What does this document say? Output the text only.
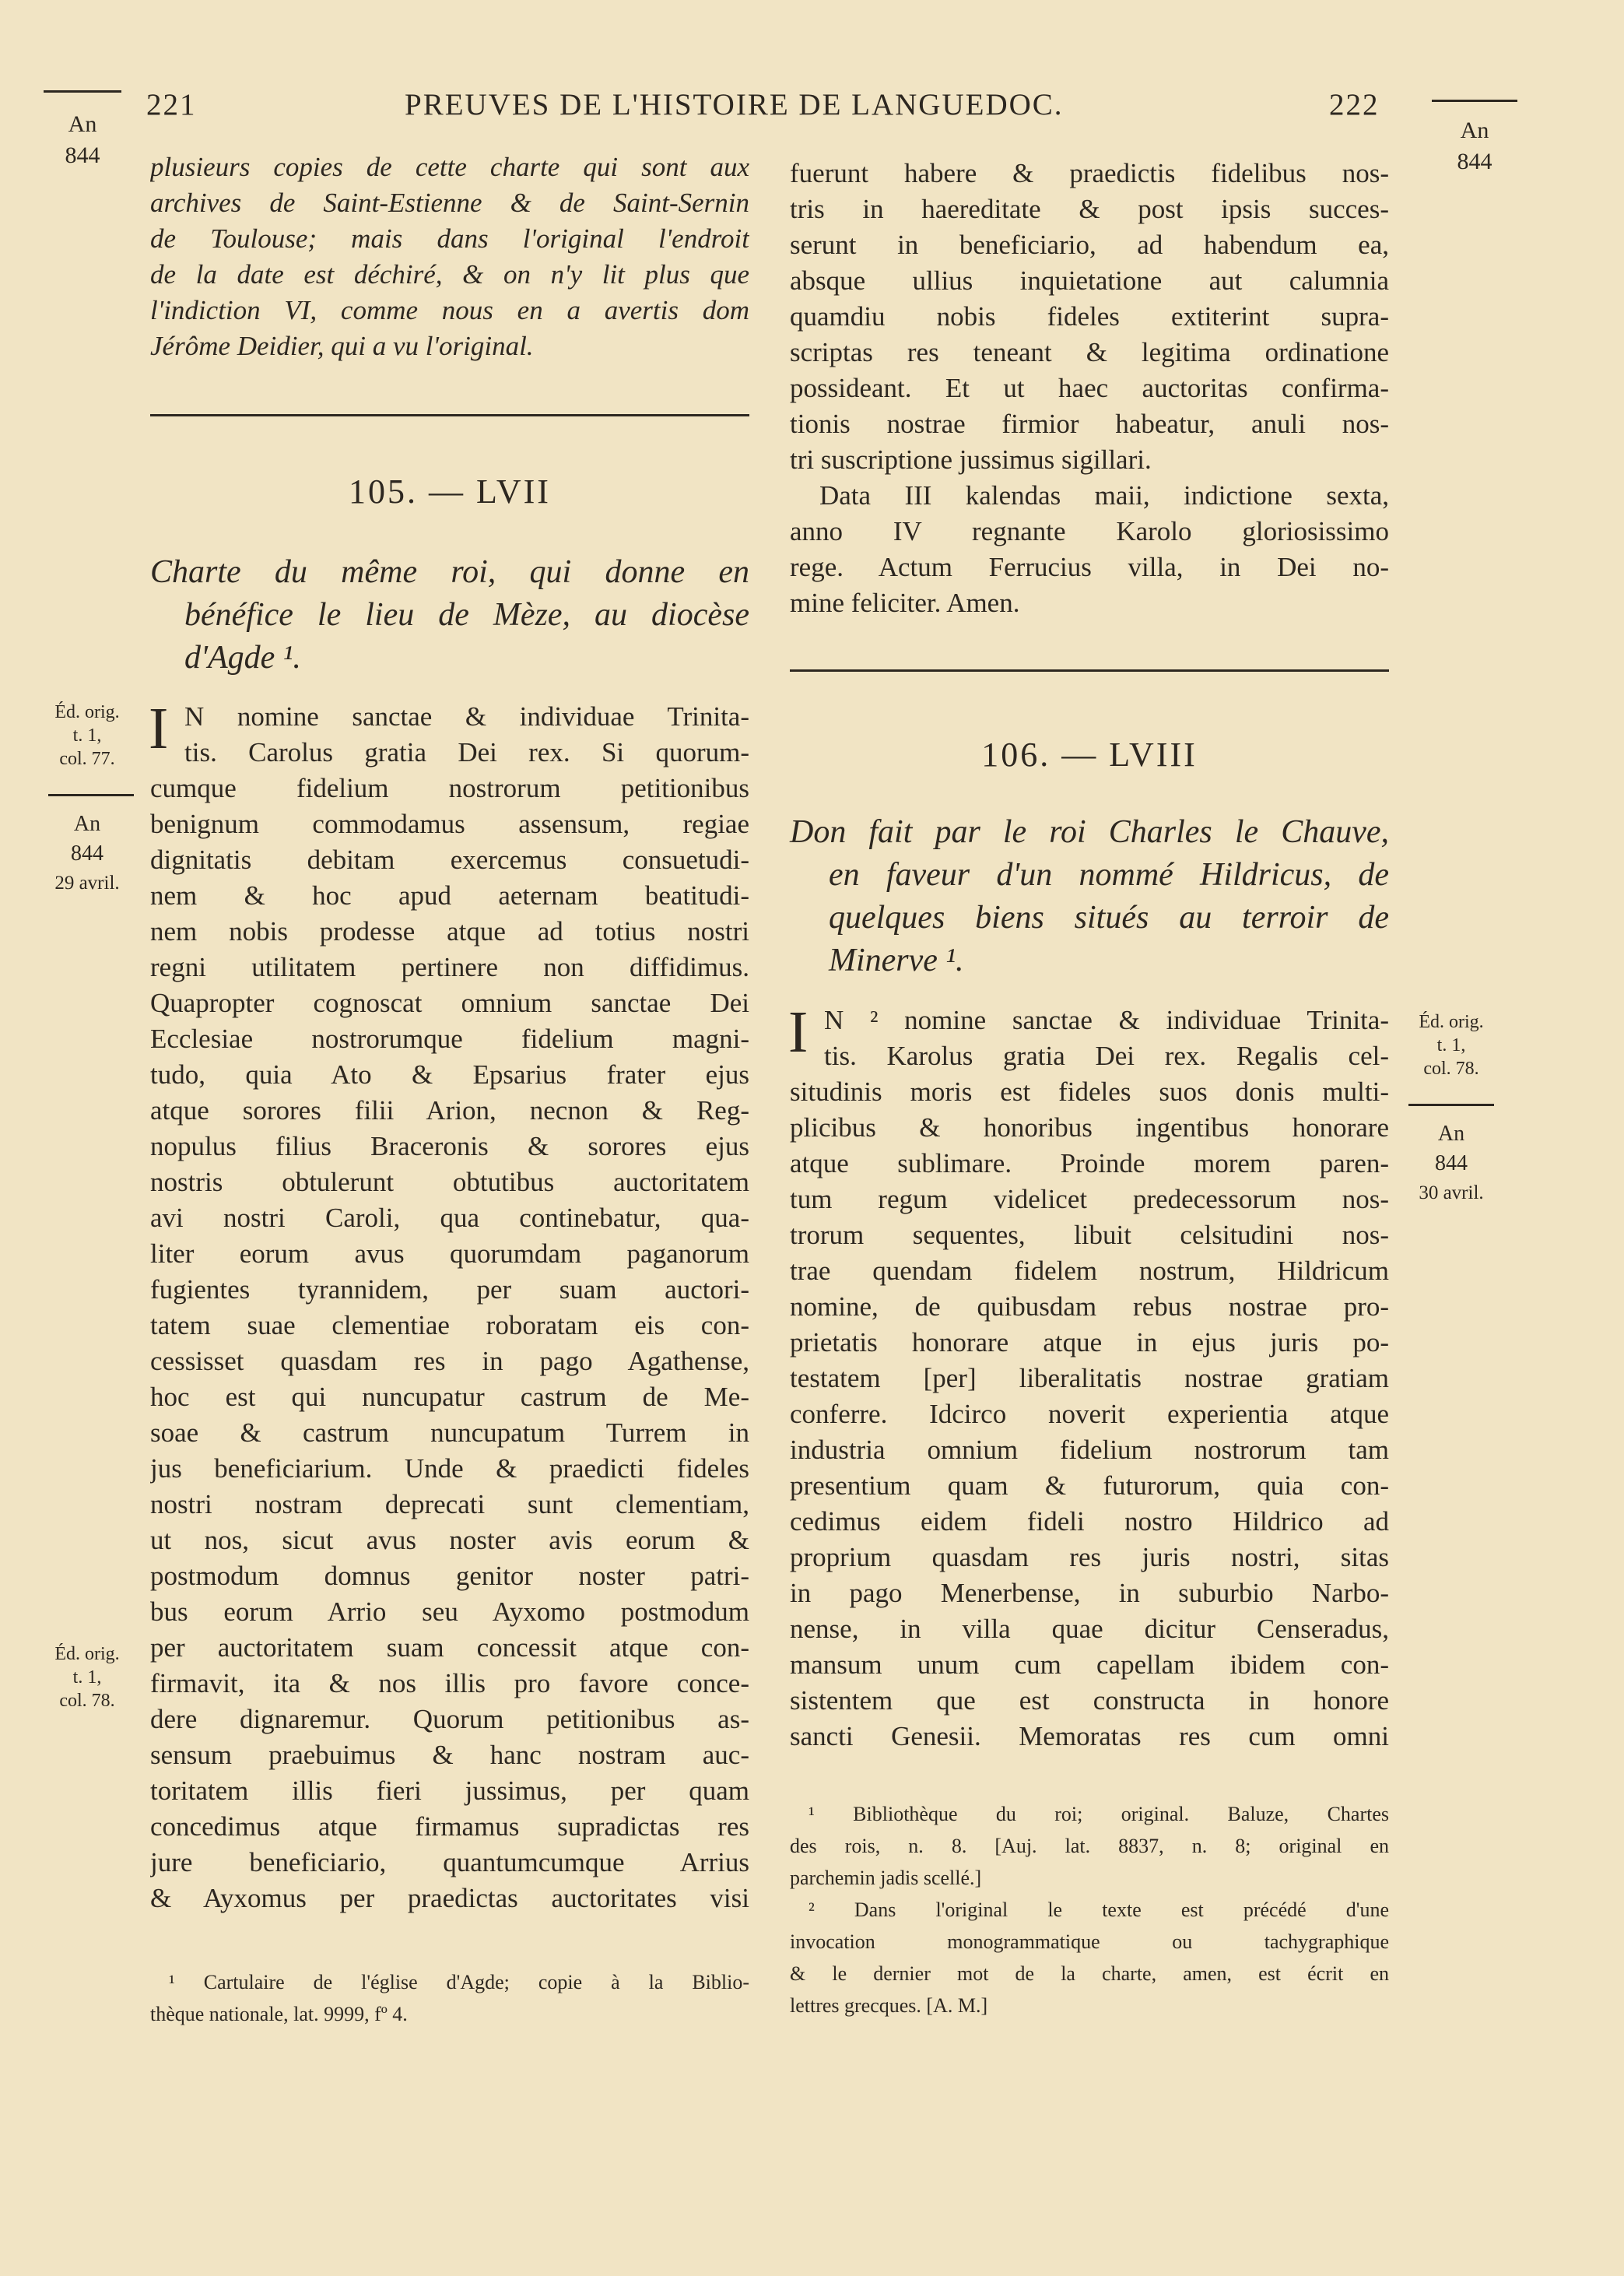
221	PREUVES DE L'HISTOIRE DE LANGUEDOC.	222
An
844
Éd. orig.
t. 1,
col. 77.
An
844
29 avril.
Éd. orig.
t. 1,
col. 78.
An
844
Éd. orig.
t. 1,
col. 78.
An
844
30 avril.
plusieurs copies de cette charte qui sont aux
archives de Saint-Estienne & de Saint-Sernin
de Toulouse; mais dans l'original l'endroit
de la date est déchiré, & on n'y lit plus que
l'indiction VI, comme nous en a avertis dom
Jérôme Deidier, qui a vu l'original.
105. — LVII
Charte du même roi, qui donne en
bénéfice le lieu de Mèze, au diocèse
d'Agde ¹.
I N nomine sanctae & individuae Trinita-
tis. Carolus gratia Dei rex. Si quorum-
cumque fidelium nostrorum petitionibus
benignum commodamus assensum, regiae
dignitatis debitam exercemus consuetudi-
nem & hoc apud aeternam beatitudi-
nem nobis prodesse atque ad totius nostri
regni utilitatem pertinere non diffidimus.
Quapropter cognoscat omnium sanctae Dei
Ecclesiae nostrorumque fidelium magni-
tudo, quia Ato & Epsarius frater ejus
atque sorores filii Arion, necnon & Reg-
nopulus filius Braceronis & sorores ejus
nostris obtulerunt obtutibus auctoritatem
avi nostri Caroli, qua continebatur, qua-
liter eorum avus quorumdam paganorum
fugientes tyrannidem, per suam auctori-
tatem suae clementiae roboratam eis con-
cessisset quasdam res in pago Agathense,
hoc est qui nuncupatur castrum de Me-
soae & castrum nuncupatum Turrem in
jus beneficiarium. Unde & praedicti fideles
nostri nostram deprecati sunt clementiam,
ut nos, sicut avus noster avis eorum &
postmodum domnus genitor noster patri-
bus eorum Arrio seu Ayxomo postmodum
per auctoritatem suam concessit atque con-
firmavit, ita & nos illis pro favore conce-
dere dignaremur. Quorum petitionibus as-
sensum praebuimus & hanc nostram auc-
toritatem illis fieri jussimus, per quam
concedimus atque firmamus supradictas res
jure beneficiario, quantumcumque Arrius
& Ayxomus per praedictas auctoritates visi
¹ Cartulaire de l'église d'Agde; copie à la Biblio-
thèque nationale, lat. 9999, fº 4.
fuerunt habere & praedictis fidelibus nos-
tris in haereditate & post ipsis succes-
serunt in beneficiario, ad habendum ea,
absque ullius inquietatione aut calumnia
quamdiu nobis fideles extiterint supra-
scriptas res teneant & legitima ordinatione
possideant. Et ut haec auctoritas confirma-
tionis nostrae firmior habeatur, anuli nos-
tri suscriptione jussimus sigillari.
Data III kalendas maii, indictione sexta,
anno IV regnante Karolo gloriosissimo
rege. Actum Ferrucius villa, in Dei no-
mine feliciter. Amen.
106. — LVIII
Don fait par le roi Charles le Chauve,
en faveur d'un nommé Hildricus, de
quelques biens situés au terroir de
Minerve ¹.
I N ² nomine sanctae & individuae Trinita-
tis. Karolus gratia Dei rex. Regalis cel-
situdinis moris est fideles suos donis multi-
plicibus & honoribus ingentibus honorare
atque sublimare. Proinde morem paren-
tum regum videlicet predecessorum nos-
trorum sequentes, libuit celsitudini nos-
trae quendam fidelem nostrum, Hildricum
nomine, de quibusdam rebus nostrae pro-
prietatis honorare atque in ejus juris po-
testatem [per] liberalitatis nostrae gratiam
conferre. Idcirco noverit experientia atque
industria omnium fidelium nostrorum tam
presentium quam & futurorum, quia con-
cedimus eidem fideli nostro Hildrico ad
proprium quasdam res juris nostri, sitas
in pago Menerbense, in suburbio Narbo-
nense, in villa quae dicitur Censeradus,
mansum unum cum capellam ibidem con-
sistentem que est constructa in honore
sancti Genesii. Memoratas res cum omni
¹ Bibliothèque du roi; original. Baluze, Chartes
des rois, n. 8. [Auj. lat. 8837, n. 8; original en
parchemin jadis scellé.]
² Dans l'original le texte est précédé d'une
invocation monogrammatique ou tachygraphique
& le dernier mot de la charte, amen, est écrit en
lettres grecques. [A. M.]
